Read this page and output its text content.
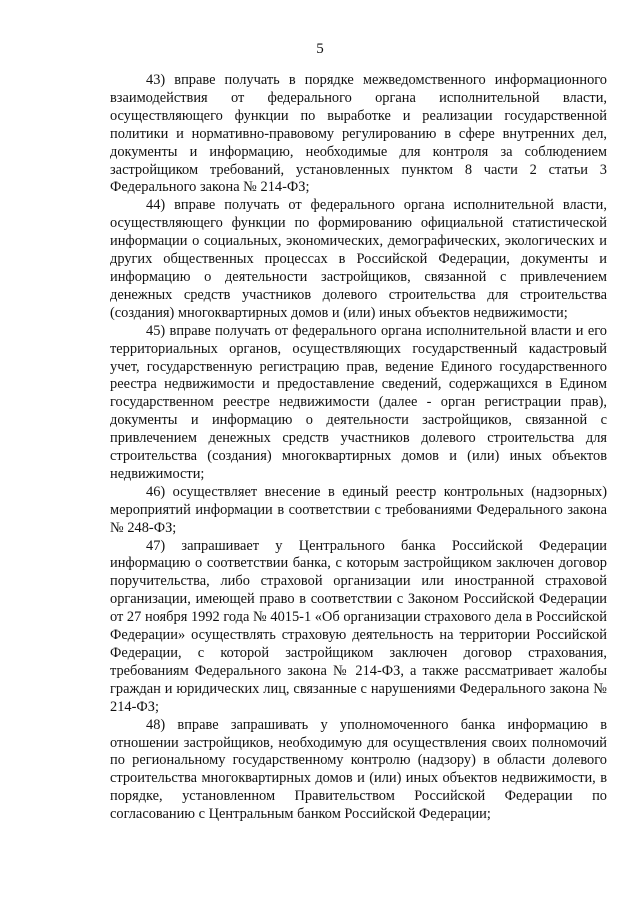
5

43) вправе получать в порядке межведомственного информационного взаимодействия от федерального органа исполнительной власти, осуществляющего функции по выработке и реализации государственной политики и нормативно-правовому регулированию в сфере внутренних дел, документы и информацию, необходимые для контроля за соблюдением застройщиком требований, установленных пунктом 8 части 2 статьи 3 Федерального закона № 214-ФЗ;

44) вправе получать от федерального органа исполнительной власти, осуществляющего функции по формированию официальной статистической информации о социальных, экономических, демографических, экологических и других общественных процессах в Российской Федерации, документы и информацию о деятельности застройщиков, связанной с привлечением денежных средств участников долевого строительства для строительства (создания) многоквартирных домов и (или) иных объектов недвижимости;

45) вправе получать от федерального органа исполнительной власти и его территориальных органов, осуществляющих государственный кадастровый учет, государственную регистрацию прав, ведение Единого государственного реестра недвижимости и предоставление сведений, содержащихся в Едином государственном реестре недвижимости (далее - орган регистрации прав), документы и информацию о деятельности застройщиков, связанной с привлечением денежных средств участников долевого строительства для строительства (создания) многоквартирных домов и (или) иных объектов недвижимости;

46) осуществляет внесение в единый реестр контрольных (надзорных) мероприятий информации в соответствии с требованиями Федерального закона № 248-ФЗ;

47) запрашивает у Центрального банка Российской Федерации информацию о соответствии банка, с которым застройщиком заключен договор поручительства, либо страховой организации или иностранной страховой организации, имеющей право в соответствии с Законом Российской Федерации от 27 ноября 1992 года № 4015-1 «Об организации страхового дела в Российской Федерации» осуществлять страховую деятельность на территории Российской Федерации, с которой застройщиком заключен договор страхования, требованиям Федерального закона № 214-ФЗ, а также рассматривает жалобы граждан и юридических лиц, связанные с нарушениями Федерального закона № 214-ФЗ;

48) вправе запрашивать у уполномоченного банка информацию в отношении застройщиков, необходимую для осуществления своих полномочий по региональному государственному контролю (надзору) в области долевого строительства многоквартирных домов и (или) иных объектов недвижимости, в порядке, установленном Правительством Российской Федерации по согласованию с Центральным банком Российской Федерации;
